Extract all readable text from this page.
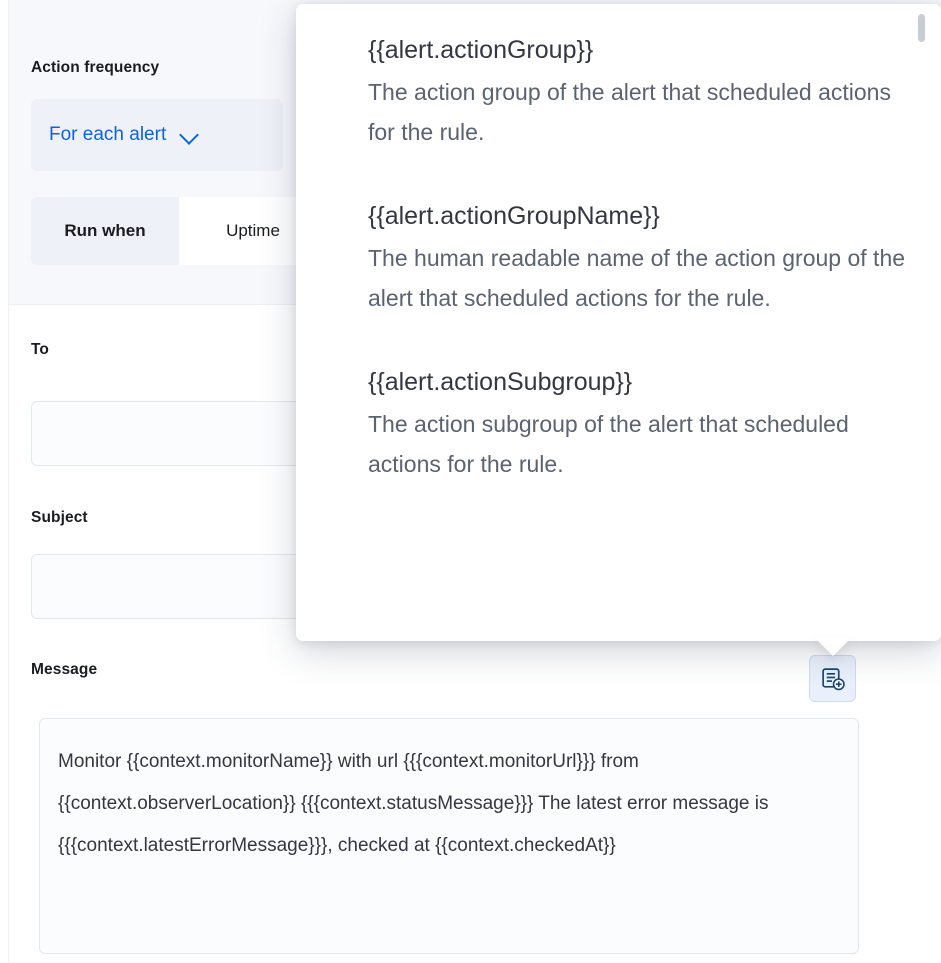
Action frequency
For each alert
Run when	Uptime
To
Subject
Message
Monitor {{context.monitorName}} with url {{{context.monitorUrl}}} from {{context.observerLocation}} {{{context.statusMessage}}} The latest error message is {{{context.latestErrorMessage}}}, checked at {{context.checkedAt}}
{{alert.actionGroup}}
The action group of the alert that scheduled actions for the rule.
{{alert.actionGroupName}}
The human readable name of the action group of the alert that scheduled actions for the rule.
{{alert.actionSubgroup}}
The action subgroup of the alert that scheduled actions for the rule.
